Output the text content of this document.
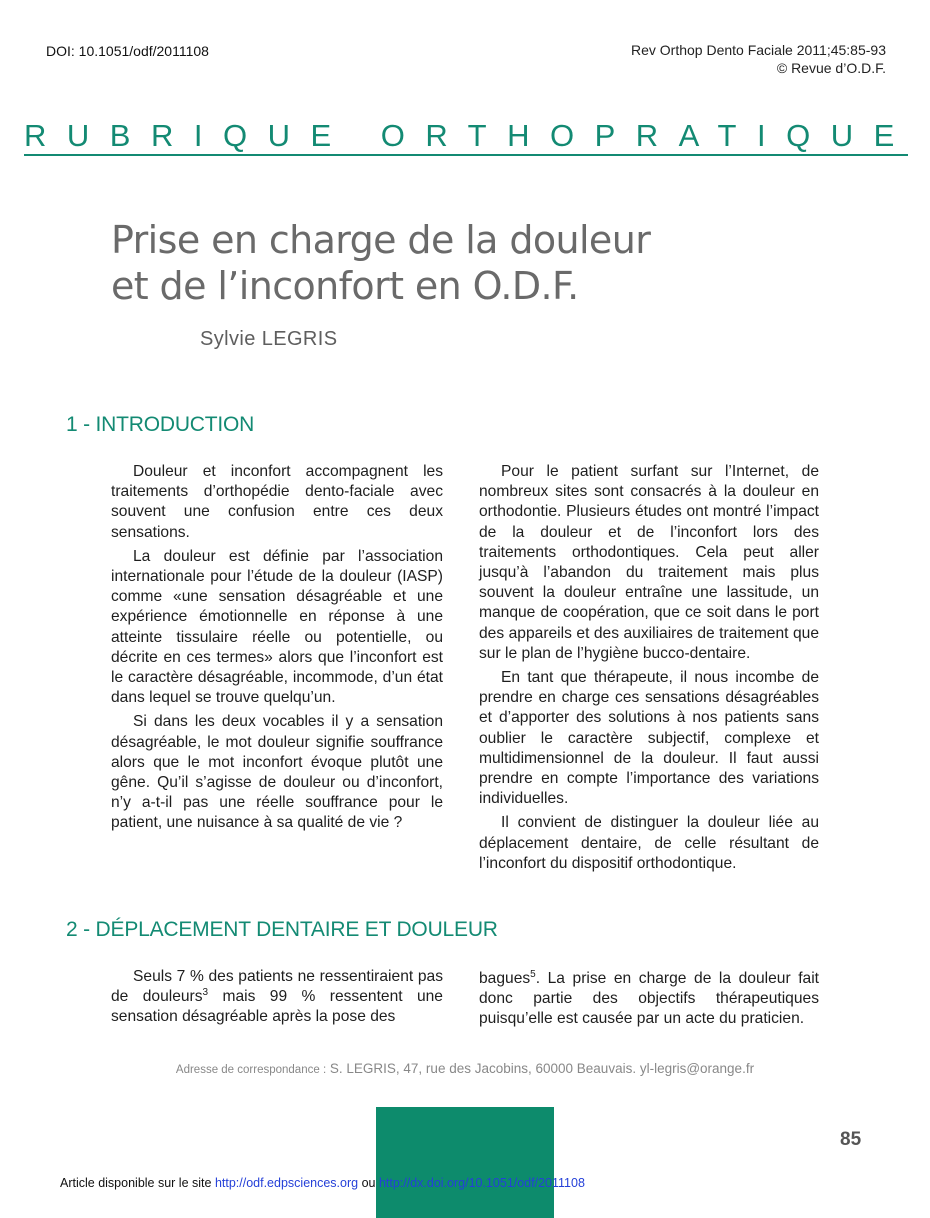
DOI: 10.1051/odf/2011108	Rev Orthop Dento Faciale 2011;45:85-93
© Revue d’O.D.F.
RUBRIQUE ORTHOPRATIQUE
Prise en charge de la douleur
et de l’inconfort en O.D.F.
Sylvie LEGRIS
1 - INTRODUCTION

Douleur et inconfort accompagnent les traitements d’orthopédie dento-faciale avec souvent une confusion entre ces deux sensations.

La douleur est définie par l’association internationale pour l’étude de la douleur (IASP) comme «une sensation désagréable et une expérience émotionnelle en réponse à une atteinte tissulaire réelle ou potentielle, ou décrite en ces termes» alors que l’inconfort est le caractère désagréable, incommode, d’un état dans lequel se trouve quelqu’un.

Si dans les deux vocables il y a sensation désagréable, le mot douleur signifie souffrance alors que le mot inconfort évoque plutôt une gêne. Qu’il s’agisse de douleur ou d’inconfort, n’y a-t-il pas une réelle souffrance pour le patient, une nuisance à sa qualité de vie ?

Pour le patient surfant sur l’Internet, de nombreux sites sont consacrés à la douleur en orthodontie. Plusieurs études ont montré l’impact de la douleur et de l’inconfort lors des traitements orthodontiques. Cela peut aller jusqu’à l’abandon du traitement mais plus souvent la douleur entraîne une lassitude, un manque de coopération, que ce soit dans le port des appareils et des auxiliaires de traitement que sur le plan de l’hygiène bucco-dentaire.

En tant que thérapeute, il nous incombe de prendre en charge ces sensations désagréables et d’apporter des solutions à nos patients sans oublier le caractère subjectif, complexe et multidimensionnel de la douleur. Il faut aussi prendre en compte l’importance des variations individuelles.

Il convient de distinguer la douleur liée au déplacement dentaire, de celle résultant de l’inconfort du dispositif orthodontique.

2 - DÉPLACEMENT DENTAIRE ET DOULEUR

Seuls 7 % des patients ne ressentiraient pas de douleurs$^3$ mais 99 % ressentent une sensation désagréable après la pose des

bagues$^5$. La prise en charge de la douleur fait donc partie des objectifs thérapeutiques puisqu’elle est causée par un acte du praticien.

Adresse de correspondance : S. LEGRIS, 47, rue des Jacobins, 60000 Beauvais. yl-legris@orange.fr
85
Article disponible sur le site http://odf.edpsciences.org ou http://dx.doi.org/10.1051/odf/2011108
